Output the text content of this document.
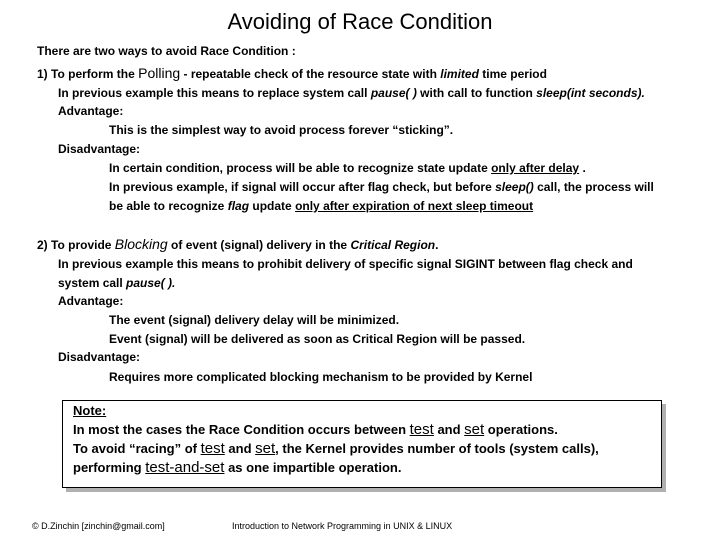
Avoiding of Race Condition
There are two ways to avoid Race Condition :
1) To perform the Polling - repeatable check of the resource state with limited time period
In previous example this means to replace system call pause( ) with call to function sleep(int seconds).
Advantage:
This is the simplest way to avoid process forever “sticking”.
Disadvantage:
In certain condition, process will be able to recognize state update only after delay .
In previous example, if signal will occur after flag check, but before sleep() call, the process will
be able to recognize flag update only after expiration of next sleep timeout
2) To provide Blocking of event (signal) delivery in the Critical Region.
In previous example this means to prohibit delivery of specific signal SIGINT between flag check and
system call pause( ).
Advantage:
The event (signal) delivery delay will be minimized.
Event (signal) will be delivered as soon as Critical Region will be passed.
Disadvantage:
Requires more complicated blocking mechanism to be provided by Kernel
Note:
In most the cases the Race Condition occurs between test and set operations.
To avoid “racing” of test and set, the Kernel provides number of tools (system calls),
performing test-and-set as one impartible operation.
© D.Zinchin [zinchin@gmail.com]	Introduction to Network Programming in UNIX & LINUX
